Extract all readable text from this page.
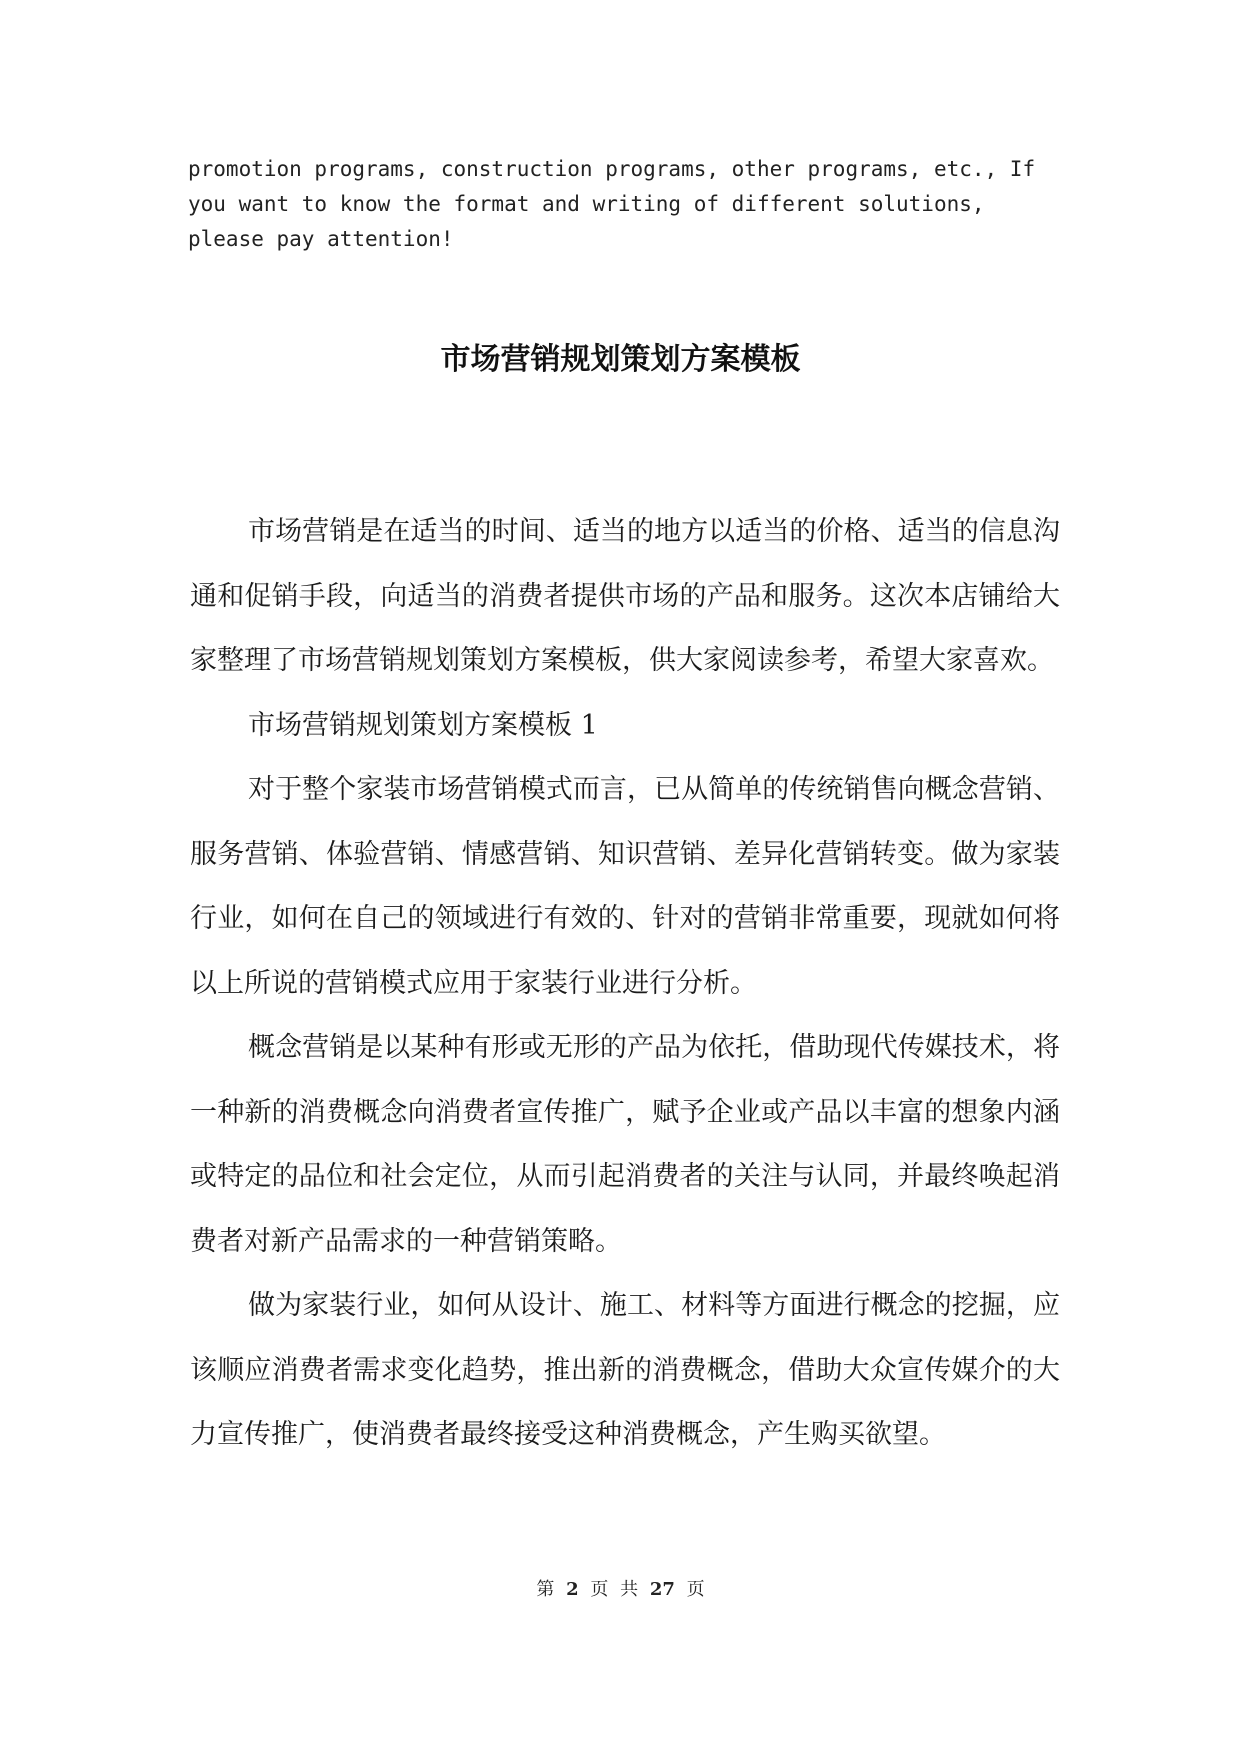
promotion programs, construction programs, other programs, etc., If
you want to know the format and writing of different solutions,
please pay attention!
市场营销规划策划方案模板

市场营销是在适当的时间、适当的地方以适当的价格、适当的信息沟通和促销手段，向适当的消费者提供市场的产品和服务。这次本店铺给大家整理了市场营销规划策划方案模板，供大家阅读参考，希望大家喜欢。

市场营销规划策划方案模板 1

对于整个家装市场营销模式而言，已从简单的传统销售向概念营销、服务营销、体验营销、情感营销、知识营销、差异化营销转变。做为家装行业，如何在自己的领域进行有效的、针对的营销非常重要，现就如何将以上所说的营销模式应用于家装行业进行分析。

概念营销是以某种有形或无形的产品为依托，借助现代传媒技术，将一种新的消费概念向消费者宣传推广，赋予企业或产品以丰富的想象内涵或特定的品位和社会定位，从而引起消费者的关注与认同，并最终唤起消费者对新产品需求的一种营销策略。

做为家装行业，如何从设计、施工、材料等方面进行概念的挖掘，应该顺应消费者需求变化趋势，推出新的消费概念，借助大众宣传媒介的大力宣传推广，使消费者最终接受这种消费概念，产生购买欲望。

第 2 页 共 27 页
